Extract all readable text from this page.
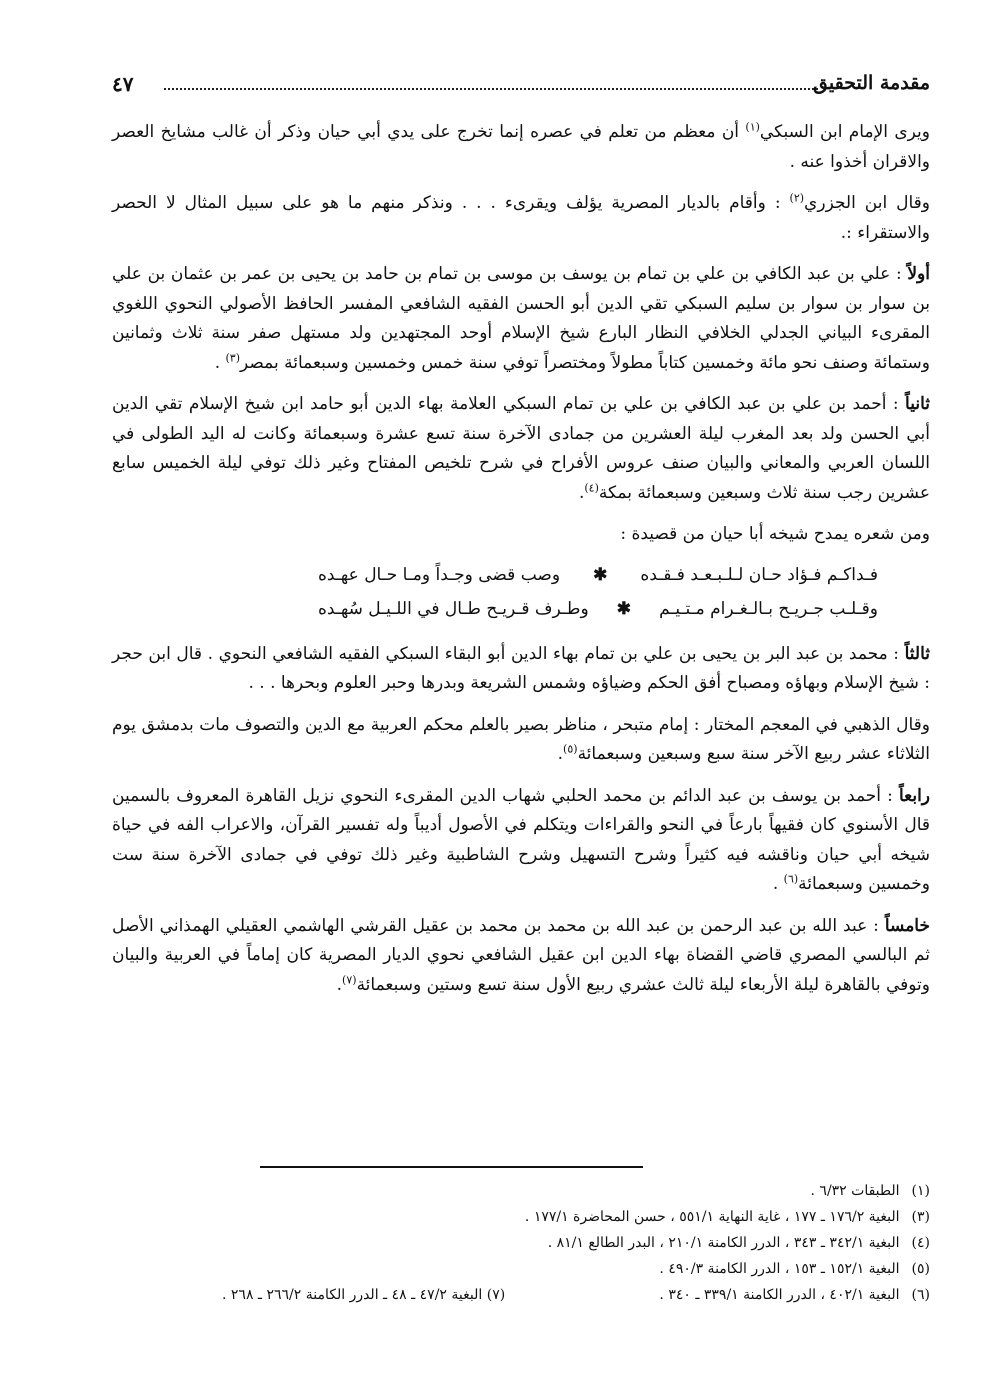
مقدمة التحقيق
٤٧

ويرى الإمام ابن السبكي$^{(١)}$ أن معظم من تعلم في عصره إنما تخرج على يدي أبي حيان وذكر أن غالب مشايخ العصر والاقران أخذوا عنه .

وقال ابن الجزري$^{(٢)}$ : وأقام بالديار المصرية يؤلف ويقرىء . . . ونذكر منهم ما هو على سبيل المثال لا الحصر والاستقراء :.

أولاً : علي بن عبد الكافي بن علي بن تمام بن يوسف بن موسى بن تمام بن حامد بن يحيى بن عمر بن عثمان بن علي بن سوار بن سوار بن سليم السبكي تقي الدين أبو الحسن الفقيه الشافعي المفسر الحافظ الأصولي النحوي اللغوي المقرىء البياني الجدلي الخلافي النظار البارع شيخ الإسلام أوحد المجتهدين ولد مستهل صفر سنة ثلاث وثمانين وستمائة وصنف نحو مائة وخمسين كتاباً مطولاً ومختصراً توفي سنة خمس وخمسين وسبعمائة بمصر$^{(٣)}$ .

ثانياً : أحمد بن علي بن عبد الكافي بن علي بن تمام السبكي العلامة بهاء الدين أبو حامد ابن شيخ الإسلام تقي الدين أبي الحسن ولد بعد المغرب ليلة العشرين من جمادى الآخرة سنة تسع عشرة وسبعمائة وكانت له اليد الطولى في اللسان العربي والمعاني والبيان صنف عروس الأفراح في شرح تلخيص المفتاح وغير ذلك توفي ليلة الخميس سابع عشرين رجب سنة ثلاث وسبعين وسبعمائة بمكة$^{(٤)}$.

ومن شعره يمدح شيخه أبا حيان من قصيدة :

فـداكـم فـؤاد حـان لـلـبـعـد فـقـده
✱
وصب قضى وجـداً ومـا حـال عهـده
وقـلـب جـريـح بـالـغـرام مـتـيـم
✱
وطـرف قـريـح طـال في اللـيـل سُهـده

ثالثاً : محمد بن عبد البر بن يحيى بن علي بن تمام بهاء الدين أبو البقاء السبكي الفقيه الشافعي النحوي . قال ابن حجر : شيخ الإسلام وبهاؤه ومصباح أفق الحكم وضياؤه وشمس الشريعة وبدرها وحبر العلوم وبحرها . . .

وقال الذهبي في المعجم المختار : إمام متبحر ، مناظر بصير بالعلم محكم العربية مع الدين والتصوف مات بدمشق يوم الثلاثاء عشر ربيع الآخر سنة سبع وسبعين وسبعمائة$^{(٥)}$.

رابعاً : أحمد بن يوسف بن عبد الدائم بن محمد الحلبي شهاب الدين المقرىء النحوي نزيل القاهرة المعروف بالسمين قال الأسنوي كان فقيهاً بارعاً في النحو والقراءات ويتكلم في الأصول أديباً وله تفسير القرآن، والاعراب الفه في حياة شيخه أبي حيان وناقشه فيه كثيراً وشرح التسهيل وشرح الشاطبية وغير ذلك توفي في جمادى الآخرة سنة ست وخمسين وسبعمائة$^{(٦)}$ .

خامساً : عبد الله بن عبد الرحمن بن عبد الله بن محمد بن محمد بن عقيل القرشي الهاشمي العقيلي الهمذاني الأصل ثم البالسي المصري قاضي القضاة بهاء الدين ابن عقيل الشافعي نحوي الديار المصرية كان إماماً في العربية والبيان وتوفي بالقاهرة ليلة الأربعاء ليلة ثالث عشري ربيع الأول سنة تسع وستين وسبعمائة$^{(٧)}$.

(١) الطبقات ٦/٣٢ .
(٣) البغية ١٧٦/٢ ـ ١٧٧ ، غاية النهاية ٥٥١/١ ، حسن المحاضرة ١٧٧/١ .
(٤) البغية ٣٤٢/١ ـ ٣٤٣ ، الدرر الكامنة ٢١٠/١ ، البدر الطالع ٨١/١ .
(٥) البغية ١٥٢/١ ـ ١٥٣ ، الدرر الكامنة ٤٩٠/٣ .
(٦) البغية ٤٠٢/١ ، الدرر الكامنة ٣٣٩/١ ـ ٣٤٠ .
(٧) البغية ٤٧/٢ ـ ٤٨ ـ الدرر الكامنة ٢٦٦/٢ ـ ٢٦٨ .
